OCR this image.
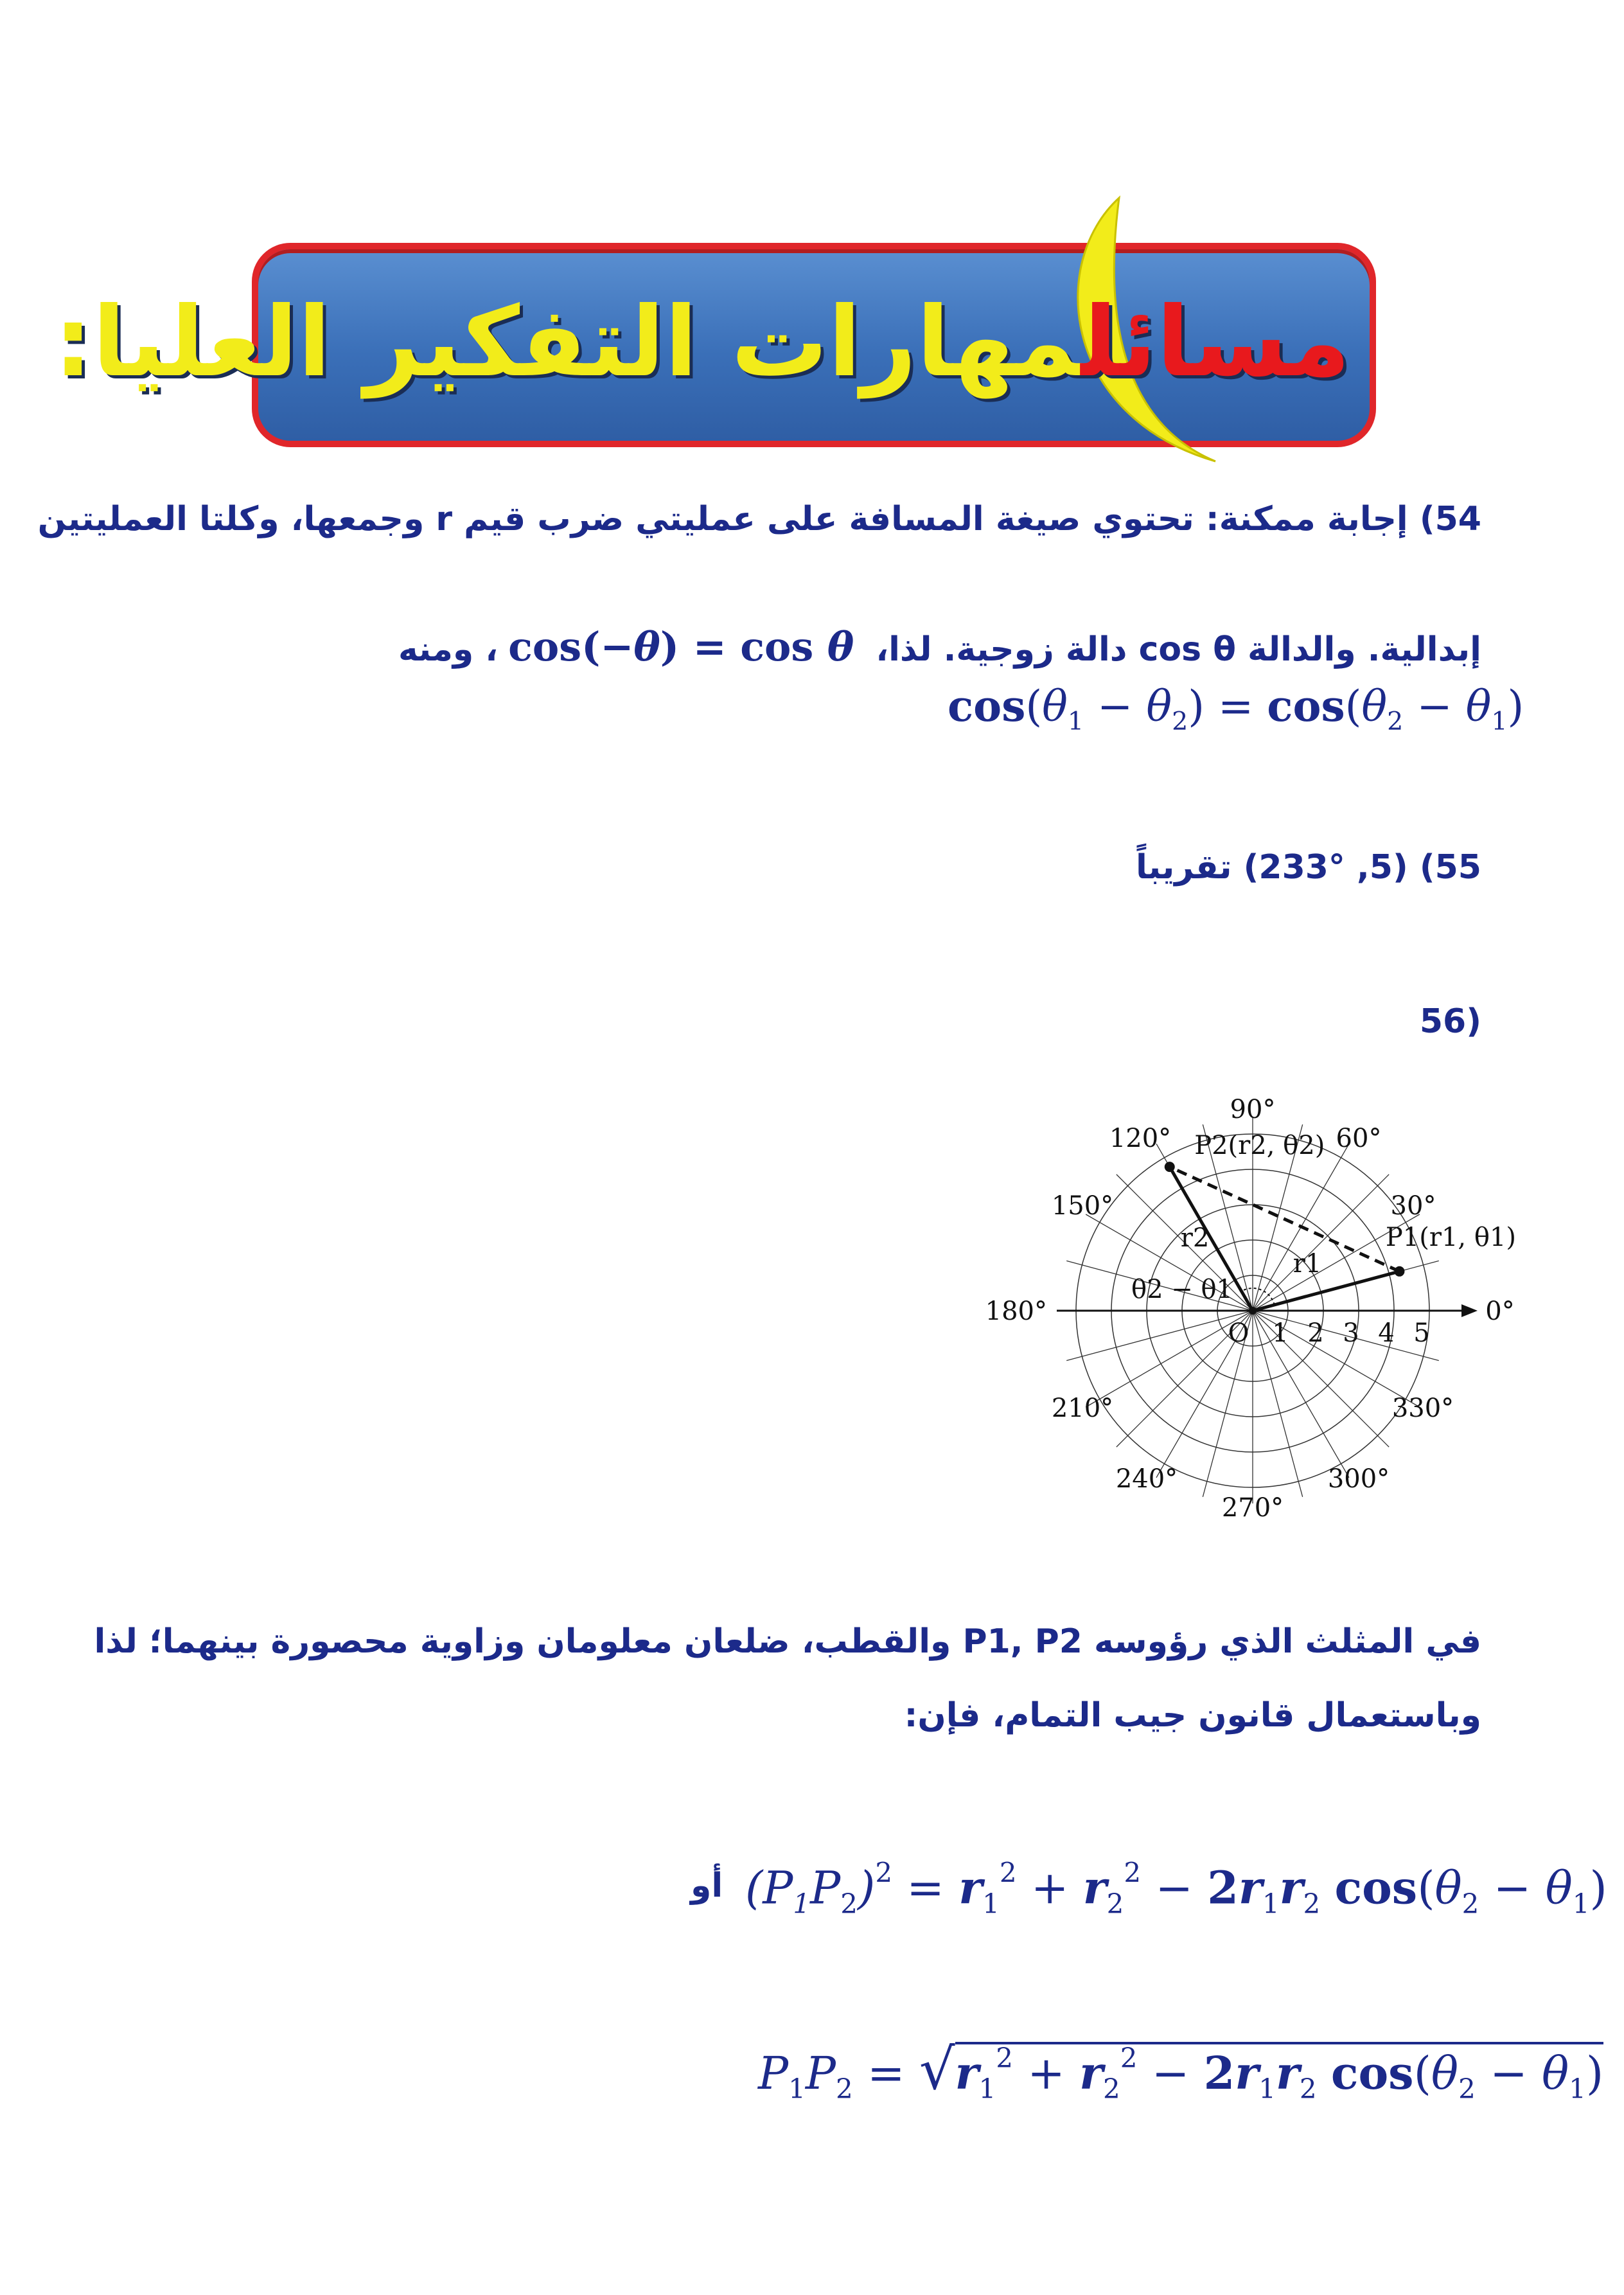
مسائلمهارات التفكير العليا:
54) إجابة ممكنة: تحتوي صيغة المسافة على عمليتي ضرب قيم r وجمعها، وكلتا العمليتين
إبدالية. والدالة cos θ دالة زوجية. لذا، cos(−θ) = cos θ، ومنه
$\cos(\theta_1 - \theta_2) = \cos(\theta_2 - \theta_1)$
55) (5, 233°) تقريباً
(56
0°
30°
60°
90°
120°
150°
180°
210°
240°
270°
300°
330°
1 2 3 4 5
O
P1(r1, θ1)
P2(r2, θ2)
r1
r2
θ2 − θ1
في المثلث الذي رؤوسه P1, P2 والقطب، ضلعان معلومان وزاوية محصورة بينهما؛ لذا
وباستعمال قانون جيب التمام، فإن:
$(P_1P_2)^2 = r_1^2 + r_2^2 - 2r_1r_2$ $\cos(\theta_2 - \theta_1)$
أو
$P_1P_2 = √r_1^2 + r_2^2 - 2r_1r_2$ $\cos(\theta_2 - \theta_1)$
